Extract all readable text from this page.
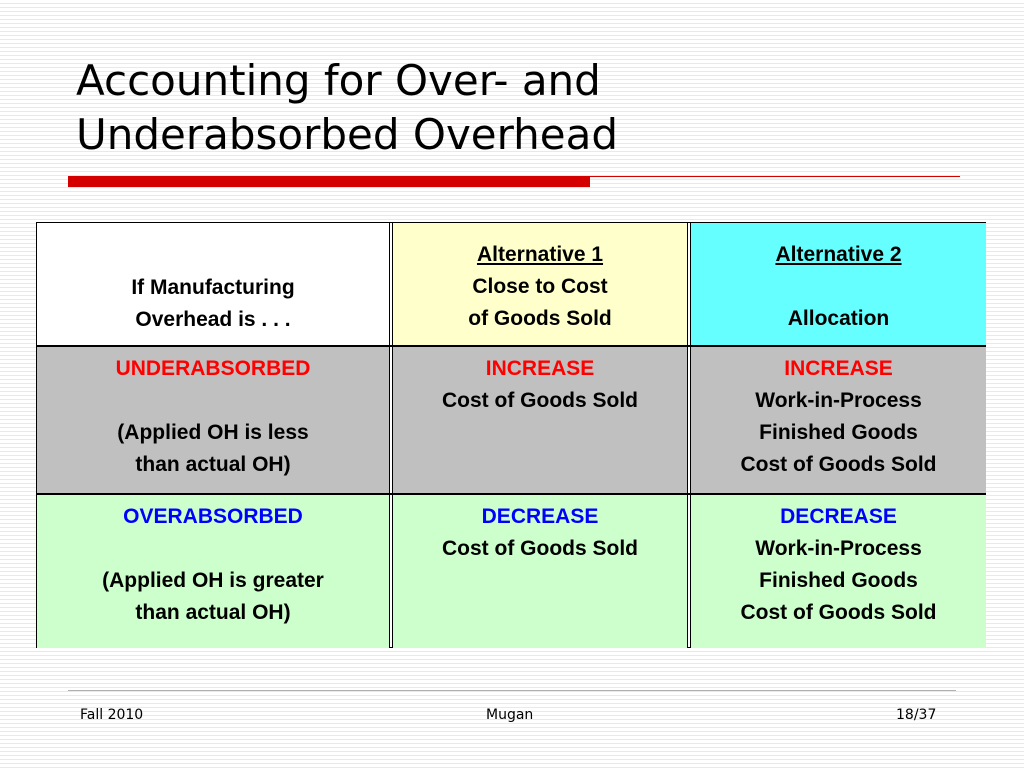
Accounting for Over- and
Underabsorbed Overhead
If Manufacturing
Overhead is . . .
Alternative 1
Close to Cost
of Goods Sold
Alternative 2
Allocation
UNDERABSORBED
(Applied OH is less
than actual OH)
INCREASE
Cost of Goods Sold
INCREASE
Work-in-Process
Finished Goods
Cost of Goods Sold
OVERABSORBED
(Applied OH is greater
than actual OH)
DECREASE
Cost of Goods Sold
DECREASE
Work-in-Process
Finished Goods
Cost of Goods Sold
Fall 2010	Mugan	18/37
